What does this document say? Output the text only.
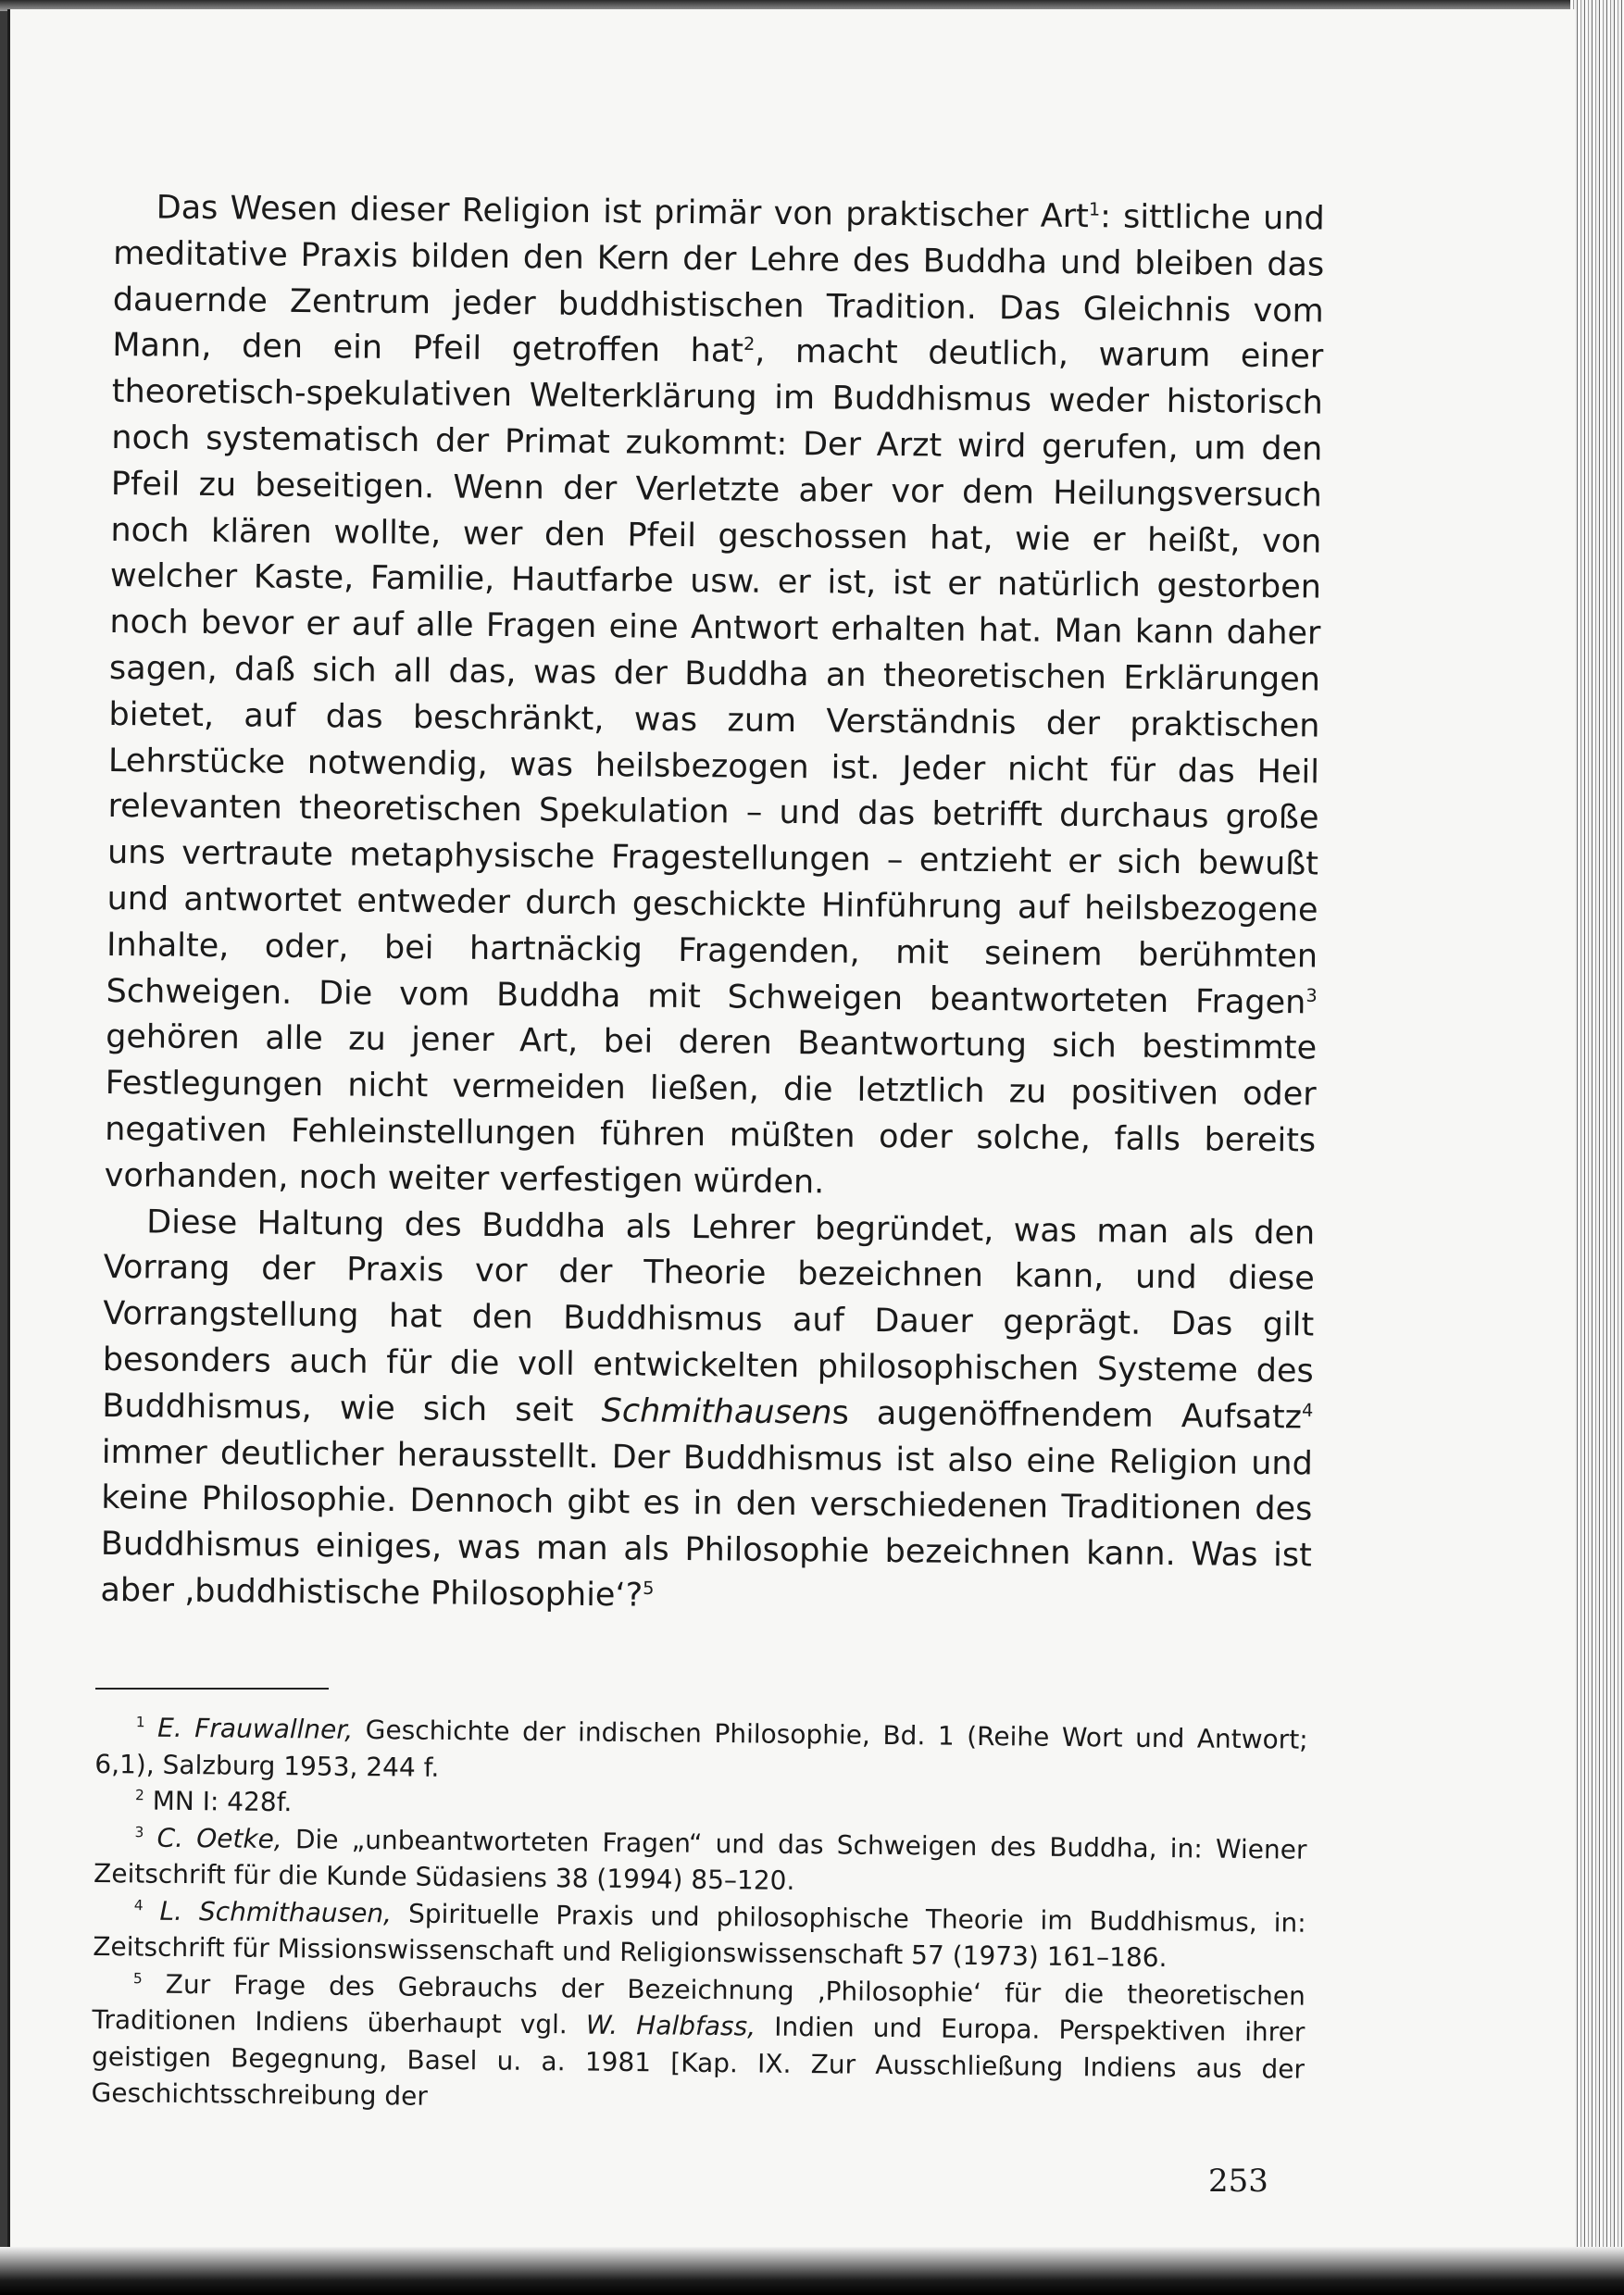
Das Wesen dieser Religion ist primär von praktischer Art$^1$: sittliche und meditative Praxis bilden den Kern der Lehre des Buddha und bleiben das dauernde Zentrum jeder buddhistischen Tradition. Das Gleichnis vom Mann, den ein Pfeil getroffen hat$^2$, macht deutlich, warum einer theoretisch-spekulativen Welterklärung im Buddhismus weder historisch noch systematisch der Primat zukommt: Der Arzt wird gerufen, um den Pfeil zu beseitigen. Wenn der Verletzte aber vor dem Heilungsversuch noch klären wollte, wer den Pfeil geschossen hat, wie er heißt, von welcher Kaste, Familie, Hautfarbe usw. er ist, ist er natürlich gestorben noch bevor er auf alle Fragen eine Antwort erhalten hat. Man kann daher sagen, daß sich all das, was der Buddha an theoretischen Erklärungen bietet, auf das beschränkt, was zum Verständnis der praktischen Lehrstücke notwendig, was heilsbezogen ist. Jeder nicht für das Heil relevanten theoretischen Spekulation – und das betrifft durchaus große uns vertraute metaphysische Fragestellungen – entzieht er sich bewußt und antwortet entweder durch geschickte Hinführung auf heilsbezogene Inhalte, oder, bei hartnäckig Fragenden, mit seinem berühmten Schweigen. Die vom Buddha mit Schweigen beantworteten Fragen$^3$ gehören alle zu jener Art, bei deren Beantwortung sich bestimmte Festlegungen nicht vermeiden ließen, die letztlich zu positiven oder negativen Fehleinstellungen führen müßten oder solche, falls bereits vorhanden, noch weiter verfestigen würden.

Diese Haltung des Buddha als Lehrer begründet, was man als den Vorrang der Praxis vor der Theorie bezeichnen kann, und diese Vorrangstellung hat den Buddhismus auf Dauer geprägt. Das gilt besonders auch für die voll entwickelten philosophischen Systeme des Buddhismus, wie sich seit Schmithausens augenöffnendem Aufsatz$^4$ immer deutlicher herausstellt. Der Buddhismus ist also eine Religion und keine Philosophie. Dennoch gibt es in den verschiedenen Traditionen des Buddhismus einiges, was man als Philosophie bezeichnen kann. Was ist aber ‚buddhistische Philosophie‘?$^5$

$^1$ E. Frauwallner, Geschichte der indischen Philosophie, Bd. 1 (Reihe Wort und Antwort; 6,1), Salzburg 1953, 244 f.

$^2$ MN I: 428f.

$^3$ C. Oetke, Die „unbeantworteten Fragen“ und das Schweigen des Buddha, in: Wiener Zeitschrift für die Kunde Südasiens 38 (1994) 85–120.

$^4$ L. Schmithausen, Spirituelle Praxis und philosophische Theorie im Buddhismus, in: Zeitschrift für Missionswissenschaft und Religionswissenschaft 57 (1973) 161–186.

$^5$ Zur Frage des Gebrauchs der Bezeichnung ‚Philosophie‘ für die theoretischen Traditionen Indiens überhaupt vgl. W. Halbfass, Indien und Europa. Perspektiven ihrer geistigen Begegnung, Basel u. a. 1981 [Kap. IX. Zur Ausschließung Indiens aus der Geschichtsschreibung der

253
